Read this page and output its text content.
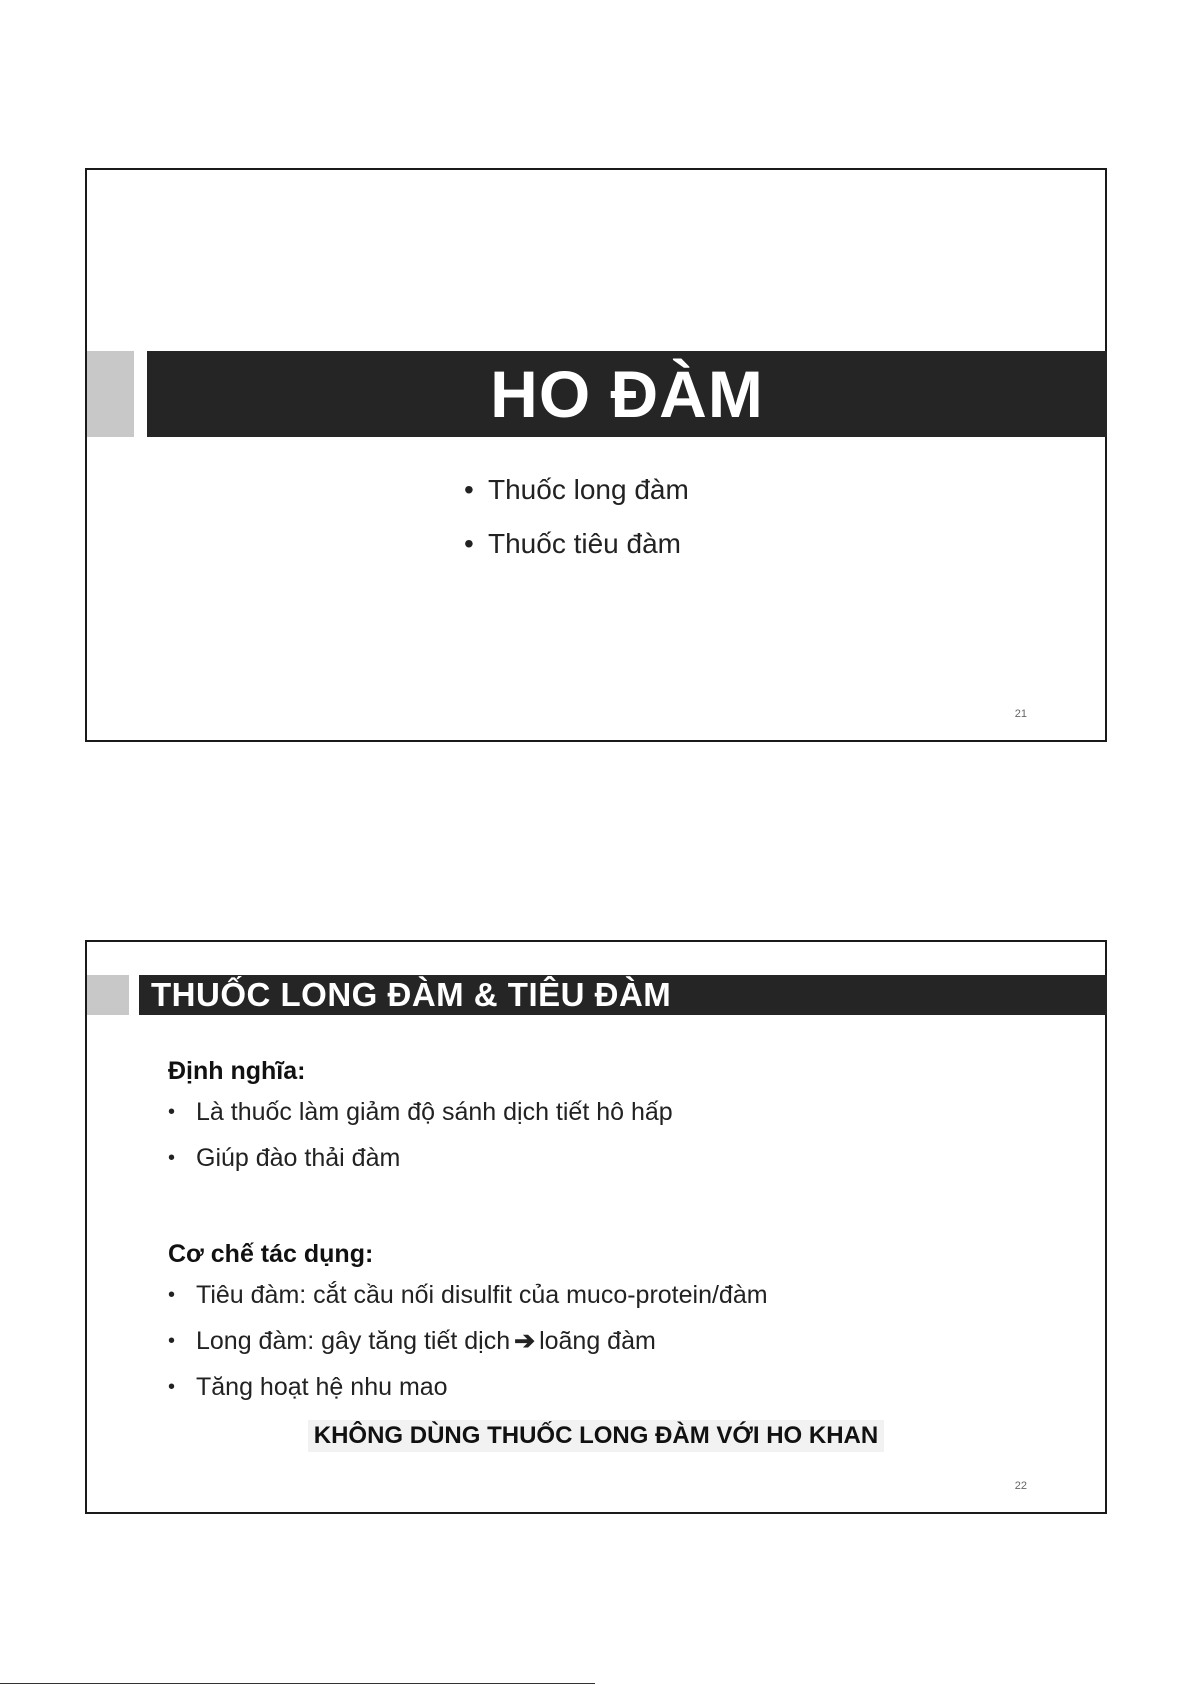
HO ĐÀM
• Thuốc long đàm
• Thuốc tiêu đàm
21
THUỐC LONG ĐÀM & TIÊU ĐÀM
Định nghĩa:
• Là thuốc làm giảm độ sánh dịch tiết hô hấp
• Giúp đào thải đàm
Cơ chế tác dụng:
• Tiêu đàm: cắt cầu nối disulfit của muco-protein/đàm
• Long đàm: gây tăng tiết dịch ➔ loãng đàm
• Tăng hoạt hệ nhu mao
KHÔNG DÙNG THUỐC LONG ĐÀM VỚI HO KHAN
22
